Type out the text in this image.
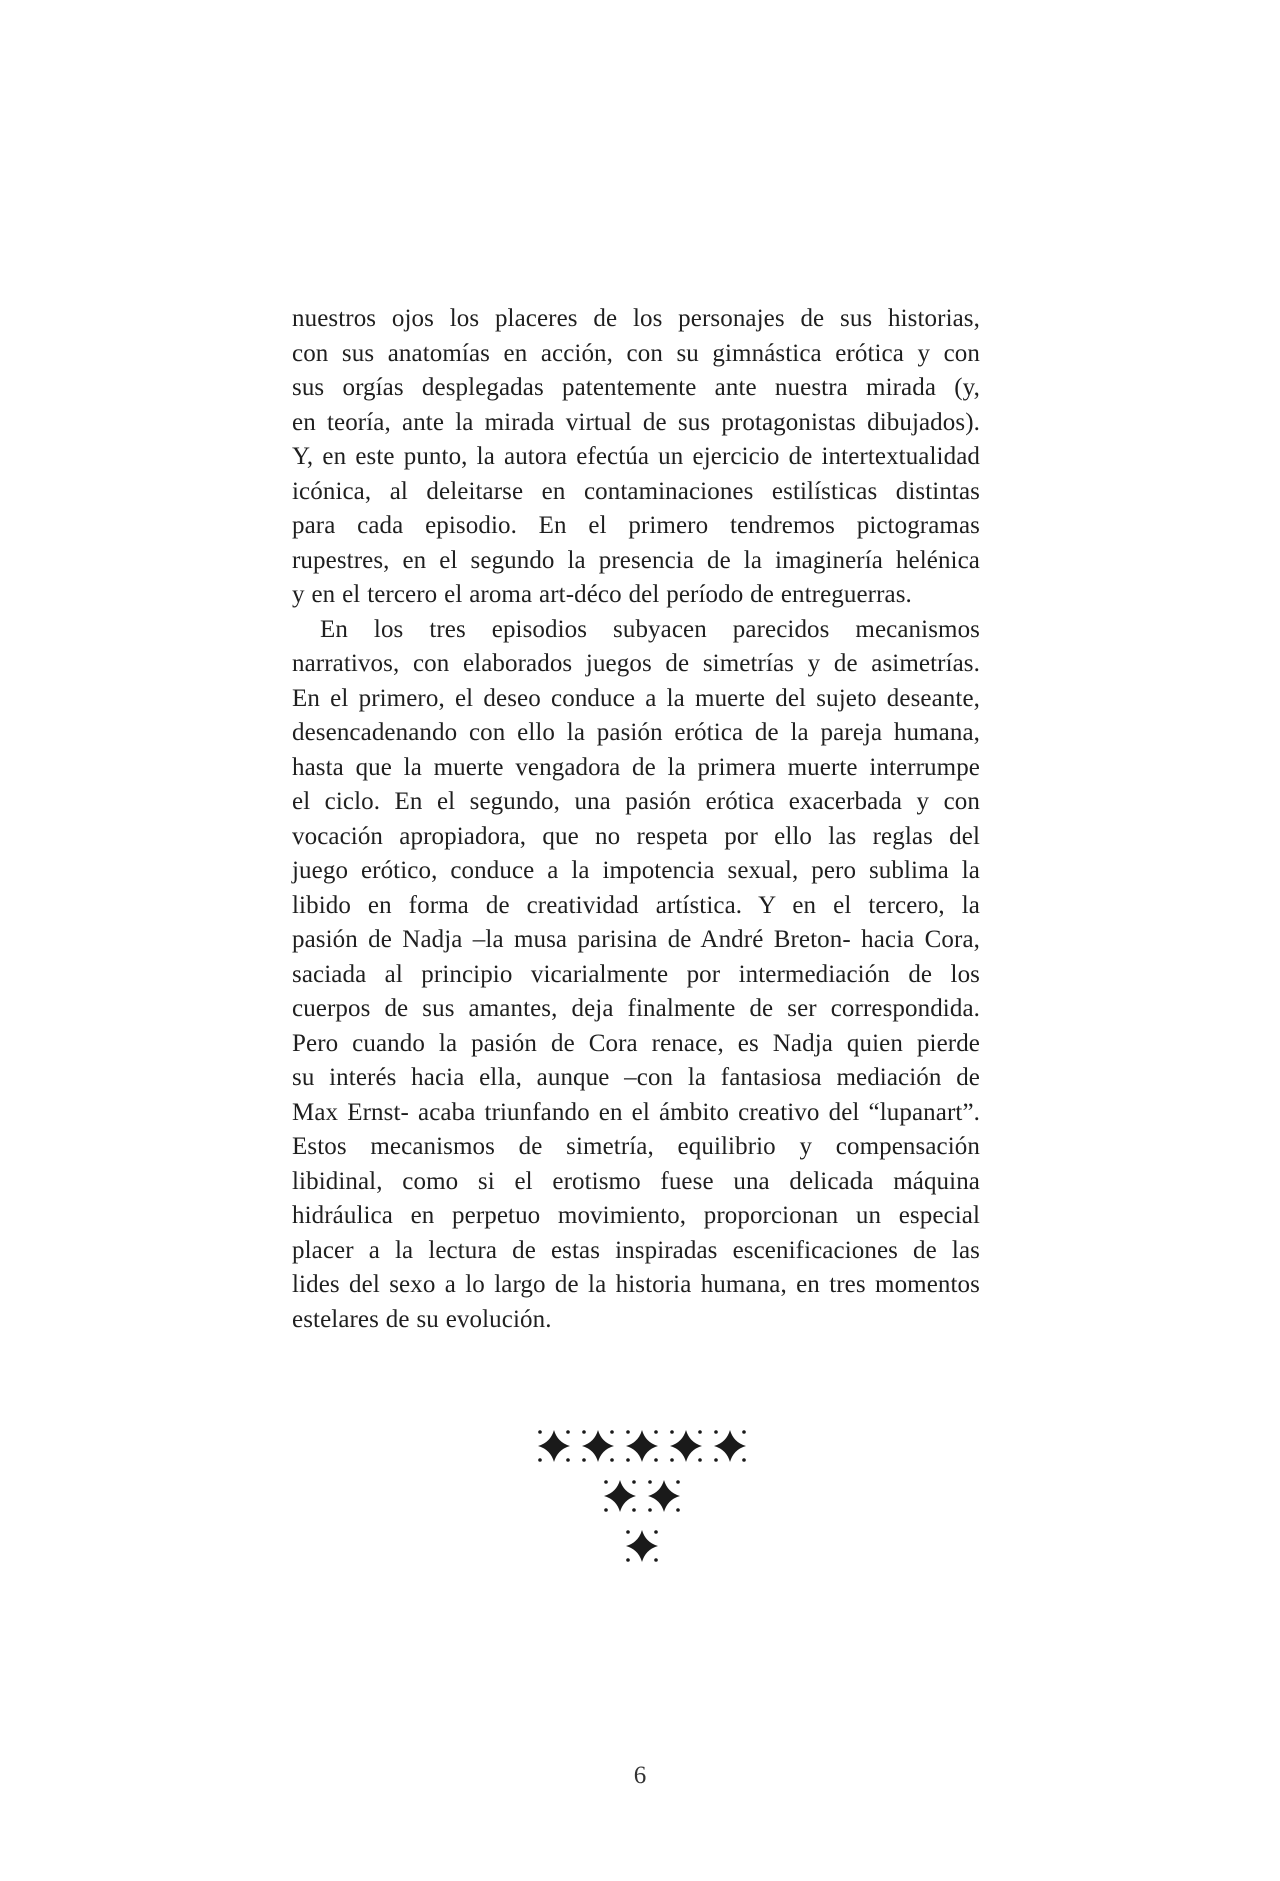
nuestros ojos los placeres de los personajes de sus historias,
con sus anatomías en acción, con su gimnástica erótica y con
sus orgías desplegadas patentemente ante nuestra mirada (y,
en teoría, ante la mirada virtual de sus protagonistas dibujados).
Y, en este punto, la autora efectúa un ejercicio de intertextualidad
icónica, al deleitarse en contaminaciones estilísticas distintas
para cada episodio. En el primero tendremos pictogramas
rupestres, en el segundo la presencia de la imaginería helénica
y en el tercero el aroma art-déco del período de entreguerras.
En los tres episodios subyacen parecidos mecanismos
narrativos, con elaborados juegos de simetrías y de asimetrías.
En el primero, el deseo conduce a la muerte del sujeto deseante,
desencadenando con ello la pasión erótica de la pareja humana,
hasta que la muerte vengadora de la primera muerte interrumpe
el ciclo. En el segundo, una pasión erótica exacerbada y con
vocación apropiadora, que no respeta por ello las reglas del
juego erótico, conduce a la impotencia sexual, pero sublima la
libido en forma de creatividad artística. Y en el tercero, la
pasión de Nadja –la musa parisina de André Breton- hacia Cora,
saciada al principio vicarialmente por intermediación de los
cuerpos de sus amantes, deja finalmente de ser correspondida.
Pero cuando la pasión de Cora renace, es Nadja quien pierde
su interés hacia ella, aunque –con la fantasiosa mediación de
Max Ernst- acaba triunfando en el ámbito creativo del “lupanart”.
Estos mecanismos de simetría, equilibrio y compensación
libidinal, como si el erotismo fuese una delicada máquina
hidráulica en perpetuo movimiento, proporcionan un especial
placer a la lectura de estas inspiradas escenificaciones de las
lides del sexo a lo largo de la historia humana, en tres momentos
estelares de su evolución.
6
